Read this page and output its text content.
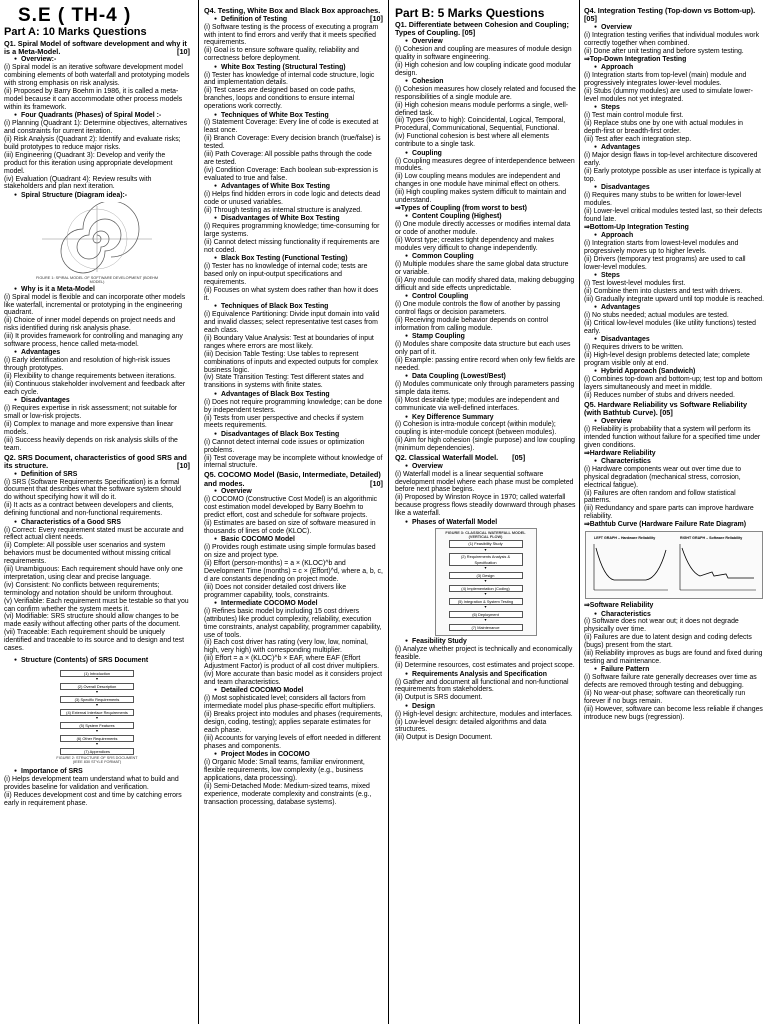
S.E ( TH-4 )
Part A: 10 Marks Questions
Q1. Spiral Model of software development and why it is a Meta-Model.	[10]
● Overview:-
(i) Spiral model is an iterative software development model combining elements of both waterfall and prototyping models with strong emphasis on risk analysis.
(ii) Proposed by Barry Boehm in 1986, it is called a meta-model because it can accommodate other process models within its framework.
● Four Quadrants (Phases) of Spiral Model :-
(i) Planning (Quadrant 1): Determine objectives, alternatives and constraints for current iteration.
(ii) Risk Analysis (Quadrant 2): Identify and evaluate risks; build prototypes to reduce major risks.
(iii) Engineering (Quadrant 3): Develop and verify the product for this iteration using appropriate development model.
(iv) Evaluation (Quadrant 4): Review results with stakeholders and plan next iteration.
● Spiral Structure (Diagram idea):-
FIGURE 1: SPIRAL MODEL OF SOFTWARE DEVELOPMENT (BOEHM MODEL)
● Why is it a Meta-Model
(i) Spiral model is flexible and can incorporate other models like waterfall, incremental or prototyping in the engineering quadrant.
(ii) Choice of inner model depends on project needs and risks identified during risk analysis phase.
(iii) It provides framework for controlling and managing any software process, hence called meta-model.
● Advantages
(i) Early identification and resolution of high-risk issues through prototypes.
(ii) Flexibility to change requirements between iterations.
(iii) Continuous stakeholder involvement and feedback after each cycle.
● Disadvantages
(i) Requires expertise in risk assessment; not suitable for small or low-risk projects.
(ii) Complex to manage and more expensive than linear models.
(iii) Success heavily depends on risk analysis skills of the team.
Q2. SRS Document, characteristics of good SRS and its structure.	[10]
● Definition of SRS
(i) SRS (Software Requirements Specification) is a formal document that describes what the software system should do without specifying how it will do it.
(ii) It acts as a contract between developers and clients, defining functional and non-functional requirements.
● Characteristics of a Good SRS
(i) Correct: Every requirement stated must be accurate and reflect actual client needs.
(ii) Complete: All possible user scenarios and system behaviors must be documented without missing critical requirements.
(iii) Unambiguous: Each requirement should have only one interpretation, using clear and precise language.
(iv) Consistent: No conflicts between requirements; terminology and notation should be uniform throughout.
(v) Verifiable: Each requirement must be testable so that you can confirm whether the system meets it.
(vi) Modifiable: SRS structure should allow changes to be made easily without affecting other parts of the document.
(vii) Traceable: Each requirement should be uniquely identified and traceable to its source and to design and test cases.
● Structure (Contents) of SRS Document
(1) Introduction
▼
(2) Overall Description
▼
(3) Specific Requirements
▼
(4) External Interface Requirements
▼
(5) System Features
▼
(6) Other Requirements
▼
(7) Appendices
FIGURE 2: STRUCTURE OF SRS DOCUMENT (IEEE 830 STYLE FORMAT)
● Importance of SRS
(i) Helps development team understand what to build and provides baseline for validation and verification.
(ii) Reduces development cost and time by catching errors early in requirement phase.
Q4. Testing, White Box and Black Box approaches.
[10]
● Definition of Testing
(i) Software testing is the process of executing a program with intent to find errors and verify that it meets specified requirements.
(ii) Goal is to ensure software quality, reliability and correctness before deployment.
● White Box Testing (Structural Testing)
(i) Tester has knowledge of internal code structure, logic and implementation details.
(ii) Test cases are designed based on code paths, branches, loops and conditions to ensure internal operations work correctly.
● Techniques of White Box Testing
(i) Statement Coverage: Every line of code is executed at least once.
(ii) Branch Coverage: Every decision branch (true/false) is tested.
(iii) Path Coverage: All possible paths through the code are tested.
(iv) Condition Coverage: Each boolean sub-expression is evaluated to true and false.
● Advantages of White Box Testing
(i) Helps find hidden errors in code logic and detects dead code or unused variables.
(ii) Through testing as internal structure is analyzed.
● Disadvantages of White Box Testing
(i) Requires programming knowledge; time-consuming for large systems.
(ii) Cannot detect missing functionality if requirements are not coded.
● Black Box Testing (Functional Testing)
(i) Tester has no knowledge of internal code; tests are based only on input-output specifications and requirements.
(ii) Focuses on what system does rather than how it does it.
● Techniques of Black Box Testing
(i) Equivalence Partitioning: Divide input domain into valid and invalid classes; select representative test cases from each class.
(ii) Boundary Value Analysis: Test at boundaries of input ranges where errors are most likely.
(iii) Decision Table Testing: Use tables to represent combinations of inputs and expected outputs for complex business logic.
(iv) State Transition Testing: Test different states and transitions in systems with finite states.
● Advantages of Black Box Testing
(i) Does not require programming knowledge; can be done by independent testers.
(ii) Tests from user perspective and checks if system meets requirements.
● Disadvantages of Black Box Testing
(i) Cannot detect internal code issues or optimization problems.
(ii) Test coverage may be incomplete without knowledge of internal structure.
Q5. COCOMO Model (Basic, Intermediate, Detailed) and modes.	[10]
● Overview
(i) COCOMO (Constructive Cost Model) is an algorithmic cost estimation model developed by Barry Boehm to predict effort, cost and schedule for software projects.
(ii) Estimates are based on size of software measured in thousands of lines of code (KLOC).
● Basic COCOMO Model
(i) Provides rough estimate using simple formulas based on size and project type.
(ii) Effort (person-months) = a × (KLOC)^b and Development Time (months) = c × (Effort)^d, where a, b, c, d are constants depending on project mode.
(iii) Does not consider detailed cost drivers like programmer capability, tools, constraints.
● Intermediate COCOMO Model
(i) Refines basic model by including 15 cost drivers (attributes) like product complexity, reliability, execution time constraints, analyst capability, programmer capability, use of tools.
(ii) Each cost driver has rating (very low, low, nominal, high, very high) with corresponding multiplier.
(iii) Effort = a × (KLOC)^b × EAF, where EAF (Effort Adjustment Factor) is product of all cost driver multipliers.
(iv) More accurate than basic model as it considers project and team characteristics.
● Detailed COCOMO Model
(i) Most sophisticated level; considers all factors from intermediate model plus phase-specific effort multipliers.
(ii) Breaks project into modules and phases (requirements, design, coding, testing); applies separate estimates for each phase.
(iii) Accounts for varying levels of effort needed in different phases and components.
● Project Modes in COCOMO
(i) Organic Mode: Small teams, familiar environment, flexible requirements, low complexity (e.g., business applications, data processing).
(ii) Semi-Detached Mode: Medium-sized teams, mixed experience, moderate complexity and constraints (e.g., transaction processing, database systems).
Part B: 5 Marks Questions
Q1. Differentiate between Cohesion and Coupling; Types of Coupling. [05]
● Overview
(i) Cohesion and coupling are measures of module design quality in software engineering.
(ii) High cohesion and low coupling indicate good modular design.
● Cohesion
(i) Cohesion measures how closely related and focused the responsibilities of a single module are.
(ii) High cohesion means module performs a single, well-defined task.
(iii) Types (low to high): Coincidental, Logical, Temporal, Procedural, Communicational, Sequential, Functional.
(iv) Functional cohesion is best where all elements contribute to a single task.
● Coupling
(i) Coupling measures degree of interdependence between modules.
(ii) Low coupling means modules are independent and changes in one module have minimal effect on others.
(iii) High coupling makes system difficult to maintain and understand.
⇒Types of Coupling (from worst to best)
● Content Coupling (Highest)
(i) One module directly accesses or modifies internal data or code of another module.
(ii) Worst type; creates tight dependency and makes modules very difficult to change independently.
● Common Coupling
(i) Multiple modules share the same global data structure or variable.
(ii) Any module can modify shared data, making debugging difficult and side effects unpredictable.
● Control Coupling
(i) One module controls the flow of another by passing control flags or decision parameters.
(ii) Receiving module behavior depends on control information from calling module.
● Stamp Coupling
(i) Modules share composite data structure but each uses only part of it.
(ii) Example: passing entire record when only few fields are needed.
● Data Coupling (Lowest/Best)
(i) Modules communicate only through parameters passing simple data items.
(ii) Most desirable type; modules are independent and communicate via well-defined interfaces.
● Key Difference Summary
(i) Cohesion is intra-module concept (within module); coupling is inter-module concept (between modules).
(ii) Aim for high cohesion (single purpose) and low coupling (minimum dependencies).
Q2. Classical Waterfall Model. [05]
● Overview
(i) Waterfall model is a linear sequential software development model where each phase must be completed before next phase begins.
(ii) Proposed by Winston Royce in 1970; called waterfall because progress flows steadily downward through phases like a waterfall.
● Phases of Waterfall Model
FIGURE 3: CLASSICAL WATERFALL MODEL (VERTICAL FLOW)
(1) Feasibility Study
▼
(2) Requirements Analysis & Specification
▼
(3) Design
▼
(4) Implementation (Coding)
▼
(5) Integration & System Testing
▼
(6) Deployment
▼
(7) Maintenance
● Feasibility Study
(i) Analyze whether project is technically and economically feasible.
(ii) Determine resources, cost estimates and project scope.
● Requirements Analysis and Specification
(i) Gather and document all functional and non-functional requirements from stakeholders.
(ii) Output is SRS document.
● Design
(i) High-level design: architecture, modules and interfaces.
(ii) Low-level design: detailed algorithms and data structures.
(iii) Output is Design Document.
Q4. Integration Testing (Top-down vs Bottom-up). [05]
● Overview
(i) Integration testing verifies that individual modules work correctly together when combined.
(ii) Done after unit testing and before system testing.
⇒Top-Down Integration Testing
● Approach
(i) Integration starts from top-level (main) module and progressively integrates lower-level modules.
(ii) Stubs (dummy modules) are used to simulate lower-level modules not yet integrated.
● Steps
(i) Test main control module first.
(ii) Replace stubs one by one with actual modules in depth-first or breadth-first order.
(iii) Test after each integration step.
● Advantages
(i) Major design flaws in top-level architecture discovered early.
(ii) Early prototype possible as user interface is typically at top.
● Disadvantages
(i) Requires many stubs to be written for lower-level modules.
(ii) Lower-level critical modules tested last, so their defects found late.
⇒Bottom-Up Integration Testing
● Approach
(i) Integration starts from lowest-level modules and progressively moves up to higher levels.
(ii) Drivers (temporary test programs) are used to call lower-level modules.
● Steps
(i) Test lowest-level modules first.
(ii) Combine them into clusters and test with drivers.
(iii) Gradually integrate upward until top module is reached.
● Advantages
(i) No stubs needed; actual modules are tested.
(ii) Critical low-level modules (like utility functions) tested early.
● Disadvantages
(i) Requires drivers to be written.
(ii) High-level design problems detected late; complete program visible only at end.
● Hybrid Approach (Sandwich)
(i) Combines top-down and bottom-up; test top and bottom layers simultaneously and meet in middle.
(ii) Reduces number of stubs and drivers needed.
Q5. Hardware Reliability vs Software Reliability (with Bathtub Curve). [05]
● Overview
(i) Reliability is probability that a system will perform its intended function without failure for a specified time under given conditions.
⇒Hardware Reliability
● Characteristics
(i) Hardware components wear out over time due to physical degradation (mechanical stress, corrosion, electrical fatigue).
(ii) Failures are often random and follow statistical patterns.
(iii) Redundancy and spare parts can improve hardware reliability.
⇒Bathtub Curve (Hardware Failure Rate Diagram)
LEFT GRAPH – Hardware Reliability	RIGHT GRAPH – Software Reliability
⇒Software Reliability
● Characteristics
(i) Software does not wear out; it does not degrade physically over time.
(ii) Failures are due to latent design and coding defects (bugs) present from the start.
(iii) Reliability improves as bugs are found and fixed during testing and maintenance.
● Failure Pattern
(i) Software failure rate generally decreases over time as defects are removed through testing and debugging.
(ii) No wear-out phase; software can theoretically run forever if no bugs remain.
(iii) However, software can become less reliable if changes introduce new bugs (regression).
